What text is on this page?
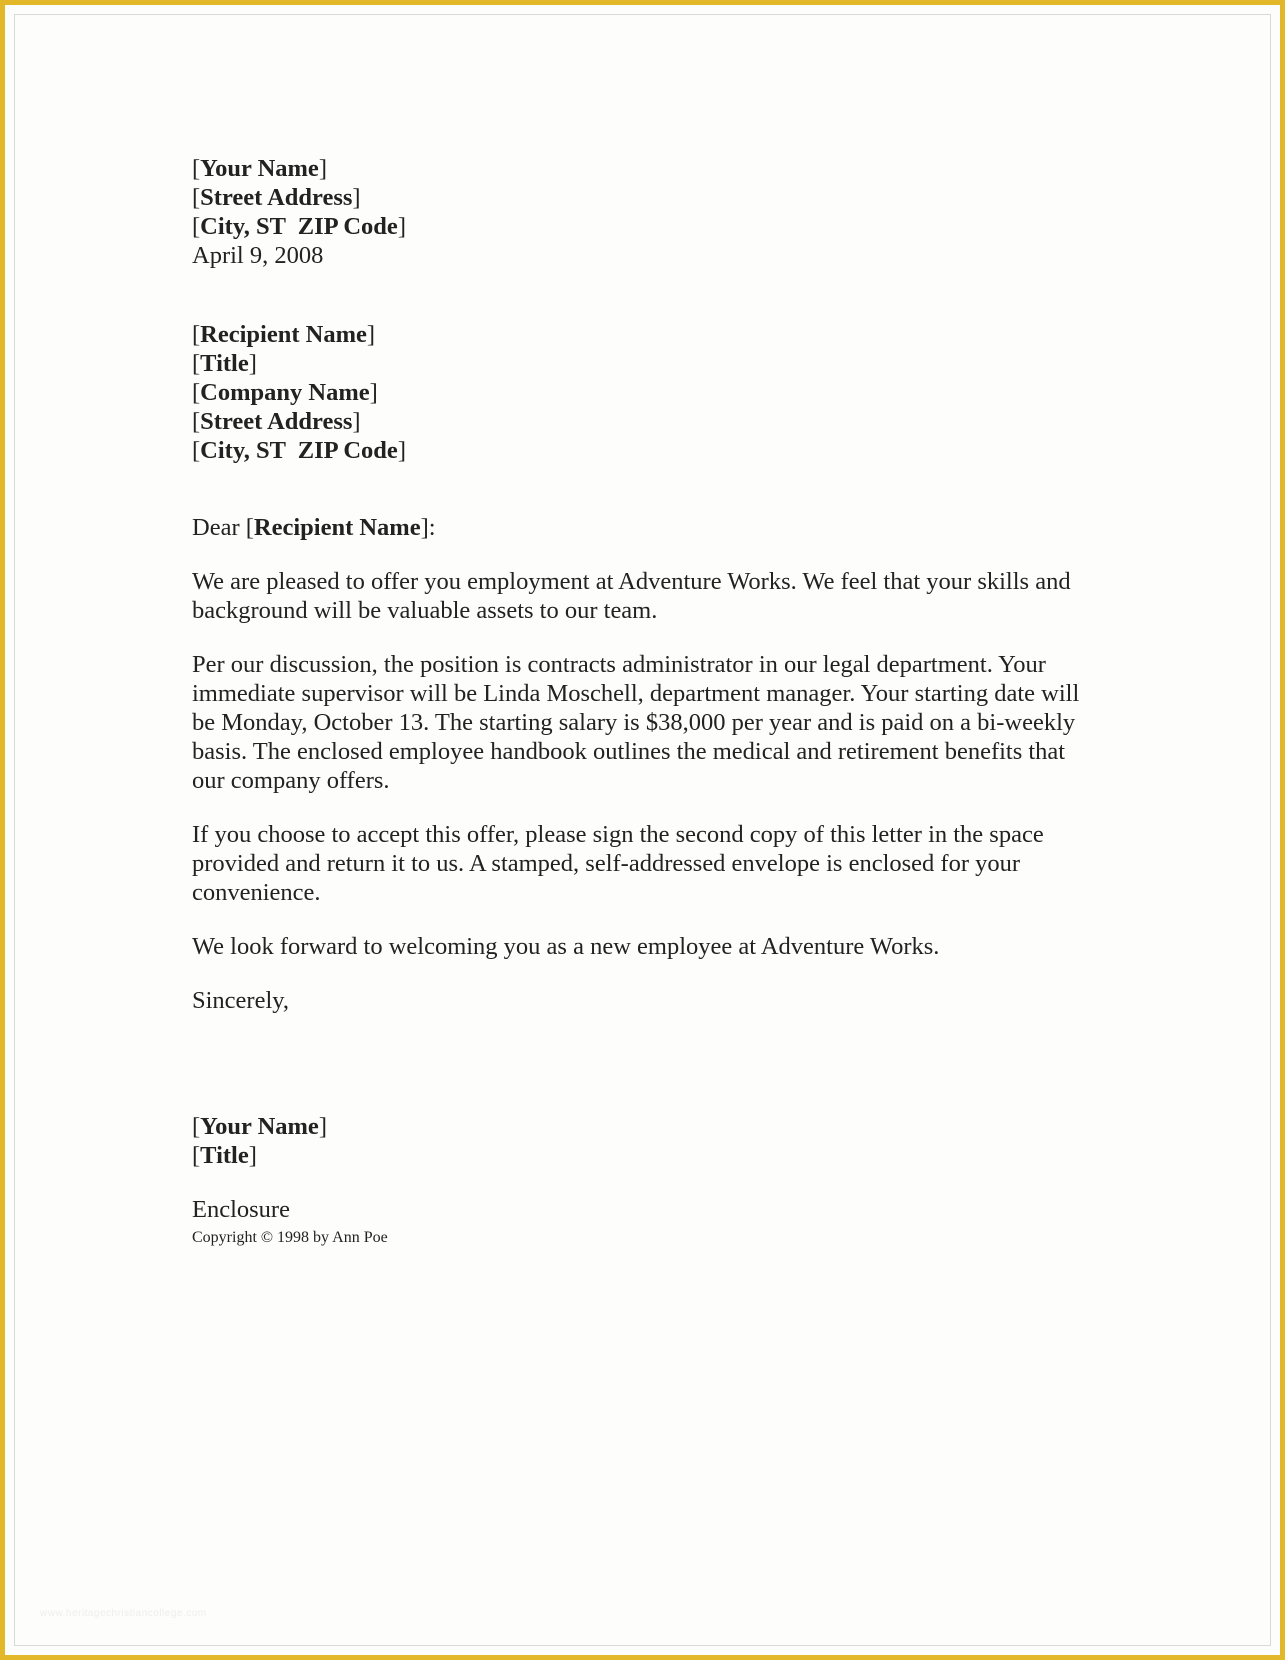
[Your Name]
[Street Address]
[City, ST  ZIP Code]
April 9, 2008
[Recipient Name]
[Title]
[Company Name]
[Street Address]
[City, ST  ZIP Code]
Dear [Recipient Name]:

We are pleased to offer you employment at Adventure Works. We feel that your skills and background will be valuable assets to our team.

Per our discussion, the position is contracts administrator in our legal department. Your immediate supervisor will be Linda Moschell, department manager. Your starting date will be Monday, October 13. The starting salary is $38,000 per year and is paid on a bi-weekly basis. The enclosed employee handbook outlines the medical and retirement benefits that our company offers.

If you choose to accept this offer, please sign the second copy of this letter in the space provided and return it to us. A stamped, self-addressed envelope is enclosed for your convenience.

We look forward to welcoming you as a new employee at Adventure Works.

Sincerely,
[Your Name]
[Title]
Enclosure
Copyright © 1998 by Ann Poe
www.heritagechristiancollege.com
